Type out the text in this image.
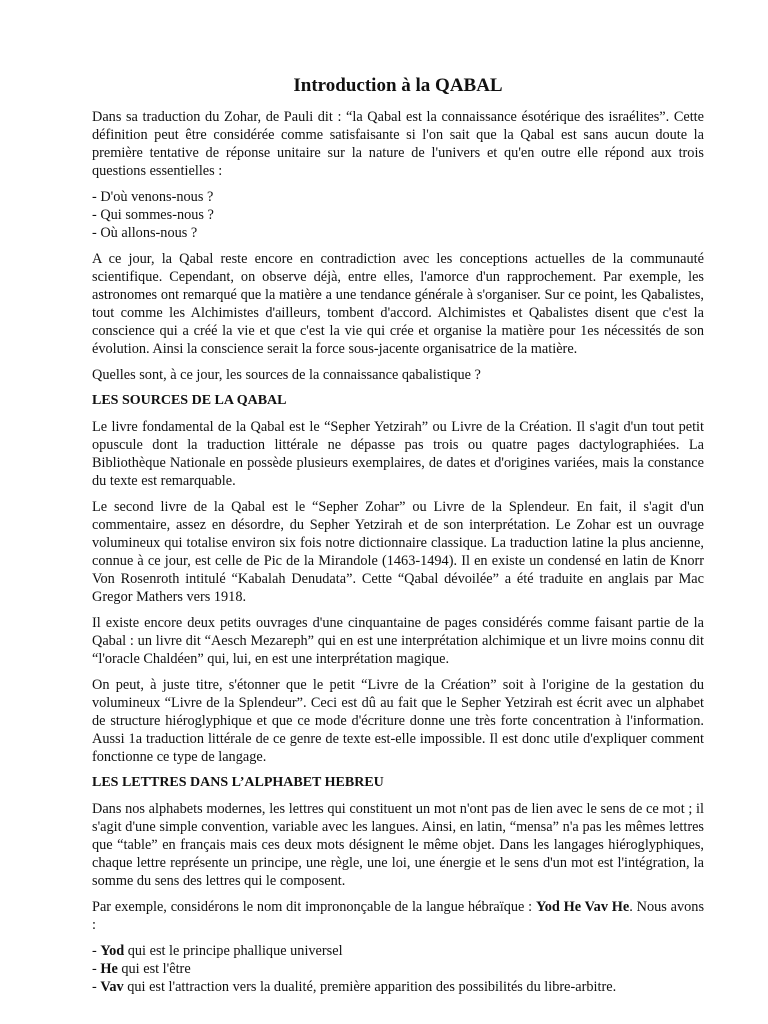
Introduction à la QABAL

Dans sa traduction du Zohar, de Pauli dit : “la Qabal est la connaissance ésotérique des israélites”. Cette définition peut être considérée comme satisfaisante si l'on sait que la Qabal est sans aucun doute la première tentative de réponse unitaire sur la nature de l'univers et qu'en outre elle répond aux trois questions essentielles :

- D'où venons-nous ?
- Qui sommes-nous ?
- Où allons-nous ?

A ce jour, la Qabal reste encore en contradiction avec les conceptions actuelles de la communauté scientifique. Cependant, on observe déjà, entre elles, l'amorce d'un rapprochement. Par exemple, les astronomes ont remarqué que la matière a une tendance générale à s'organiser. Sur ce point, les Qabalistes, tout comme les Alchimistes d'ailleurs, tombent d'accord. Alchimistes et Qabalistes disent que c'est la conscience qui a créé la vie et que c'est la vie qui crée et organise la matière pour 1es nécessités de son évolution. Ainsi la conscience serait la force sous-jacente organisatrice de la matière.

Quelles sont, à ce jour, les sources de la connaissance qabalistique ?

LES SOURCES DE LA QABAL

Le livre fondamental de la Qabal est le “Sepher Yetzirah” ou Livre de la Création. Il s'agit d'un tout petit opuscule dont la traduction littérale ne dépasse pas trois ou quatre pages dactylographiées. La Bibliothèque Nationale en possède plusieurs exemplaires, de dates et d'origines variées, mais la constance du texte est remarquable.

Le second livre de la Qabal est le “Sepher Zohar” ou Livre de la Splendeur. En fait, il s'agit d'un commentaire, assez en désordre, du Sepher Yetzirah et de son interprétation. Le Zohar est un ouvrage volumineux qui totalise environ six fois notre dictionnaire classique. La traduction latine la plus ancienne, connue à ce jour, est celle de Pic de la Mirandole (1463-1494). Il en existe un condensé en latin de Knorr Von Rosenroth intitulé “Kabalah Denudata”. Cette “Qabal dévoilée” a été traduite en anglais par Mac Gregor Mathers vers 1918.

Il existe encore deux petits ouvrages d'une cinquantaine de pages considérés comme faisant partie de la Qabal : un livre dit “Aesch Mezareph” qui en est une interprétation alchimique et un livre moins connu dit “l'oracle Chaldéen” qui, lui, en est une interprétation magique.

On peut, à juste titre, s'étonner que le petit “Livre de la Création” soit à l'origine de la gestation du volumineux “Livre de la Splendeur”. Ceci est dû au fait que le Sepher Yetzirah est écrit avec un alphabet de structure hiéroglyphique et que ce mode d'écriture donne une très forte concentration à l'information. Aussi 1a traduction littérale de ce genre de texte est-elle impossible. Il est donc utile d'expliquer comment fonctionne ce type de langage.

LES LETTRES DANS L’ALPHABET HEBREU

Dans nos alphabets modernes, les lettres qui constituent un mot n'ont pas de lien avec le sens de ce mot ; il s'agit d'une simple convention, variable avec les langues. Ainsi, en latin, “mensa” n'a pas les mêmes lettres que “table” en français mais ces deux mots désignent le même objet. Dans les langages hiéroglyphiques, chaque lettre représente un principe, une règle, une loi, une énergie et le sens d'un mot est l'intégration, la somme du sens des lettres qui le composent.

Par exemple, considérons le nom dit imprononçable de la langue hébraïque : Yod He Vav He. Nous avons :

- Yod qui est le principe phallique universel
- He qui est l'être
- Vav qui est l'attraction vers la dualité, première apparition des possibilités du libre-arbitre.
